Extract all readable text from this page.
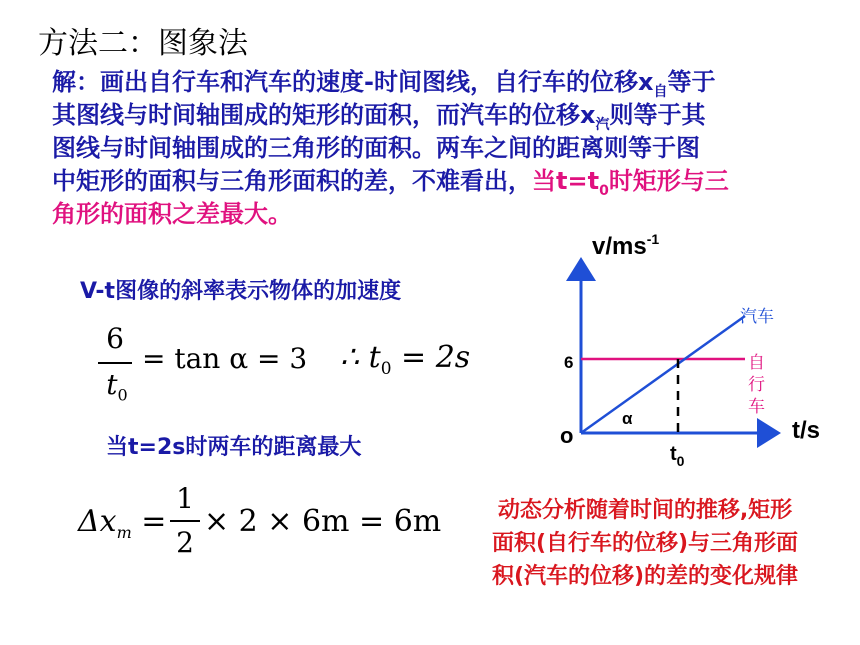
方法二：图象法
解：画出自行车和汽车的速度-时间图线，自行车的位移$x_自$等于
其图线与时间轴围成的矩形的面积，而汽车的位移$x_汽$则等于其
图线与时间轴围成的三角形的面积。两车之间的距离则等于图
中矩形的面积与三角形面积的差，不难看出，当$t=t_0$时矩形与三
角形的面积之差最大。
V-t图像的斜率表示物体的加速度
6
$t_0$
= tan α = 3 ∴ $t_0 = 2s$
当t=2s时两车的距离最大
$\Delta x_m$ =
1
2
× 2 × 6m = 6m	动态分析随着时间的推移,矩形
面积(自行车的位移)与三角形面
积(汽车的位移)的差的变化规律
$v/ms^{-1}$
t/s
o
6
$t_0$
α
汽车
自
行
车
